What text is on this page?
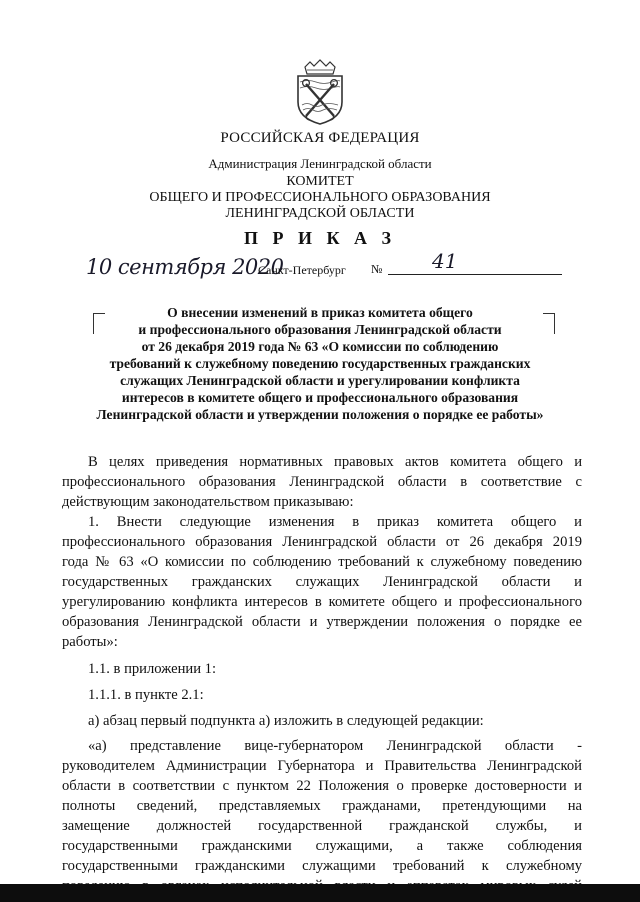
РОССИЙСКАЯ ФЕДЕРАЦИЯ
Администрация Ленинградской области
КОМИТЕТ
ОБЩЕГО И ПРОФЕССИОНАЛЬНОГО ОБРАЗОВАНИЯ
ЛЕНИНГРАДСКОЙ ОБЛАСТИ
П Р И К А З
10 сентября 2020
Санкт-Петербург № 41
О внесении изменений в приказ комитета общего
и профессионального образования Ленинградской области
от 26 декабря 2019 года № 63 «О комиссии по соблюдению
требований к служебному поведению государственных гражданских
служащих Ленинградской области и урегулировании конфликта
интересов в комитете общего и профессионального образования
Ленинградской области и утверждении положения о порядке ее работы»
В целях приведения нормативных правовых актов комитета общего и
профессионального образования Ленинградской области в соответствие с
действующим законодательством приказываю:
1. Внести следующие изменения в приказ комитета общего и
профессионального образования Ленинградской области от 26 декабря 2019
года № 63 «О комиссии по соблюдению требований к служебному поведению
государственных гражданских служащих Ленинградской области и
урегулированию конфликта интересов в комитете общего и профессионального
образования Ленинградской области и утверждении положения о порядке ее
работы»:
1.1. в приложении 1:
1.1.1. в пункте 2.1:
а) абзац первый подпункта а) изложить в следующей редакции:
«а) представление вице-губернатором Ленинградской области -
руководителем Администрации Губернатора и Правительства Ленинградской
области в соответствии с пунктом 22 Положения о проверке достоверности и
полноты сведений, представляемых гражданами, претендующими на
замещение должностей государственной гражданской службы, и
государственными гражданскими служащими, а также соблюдения
государственными гражданскими служащими требований к служебному
